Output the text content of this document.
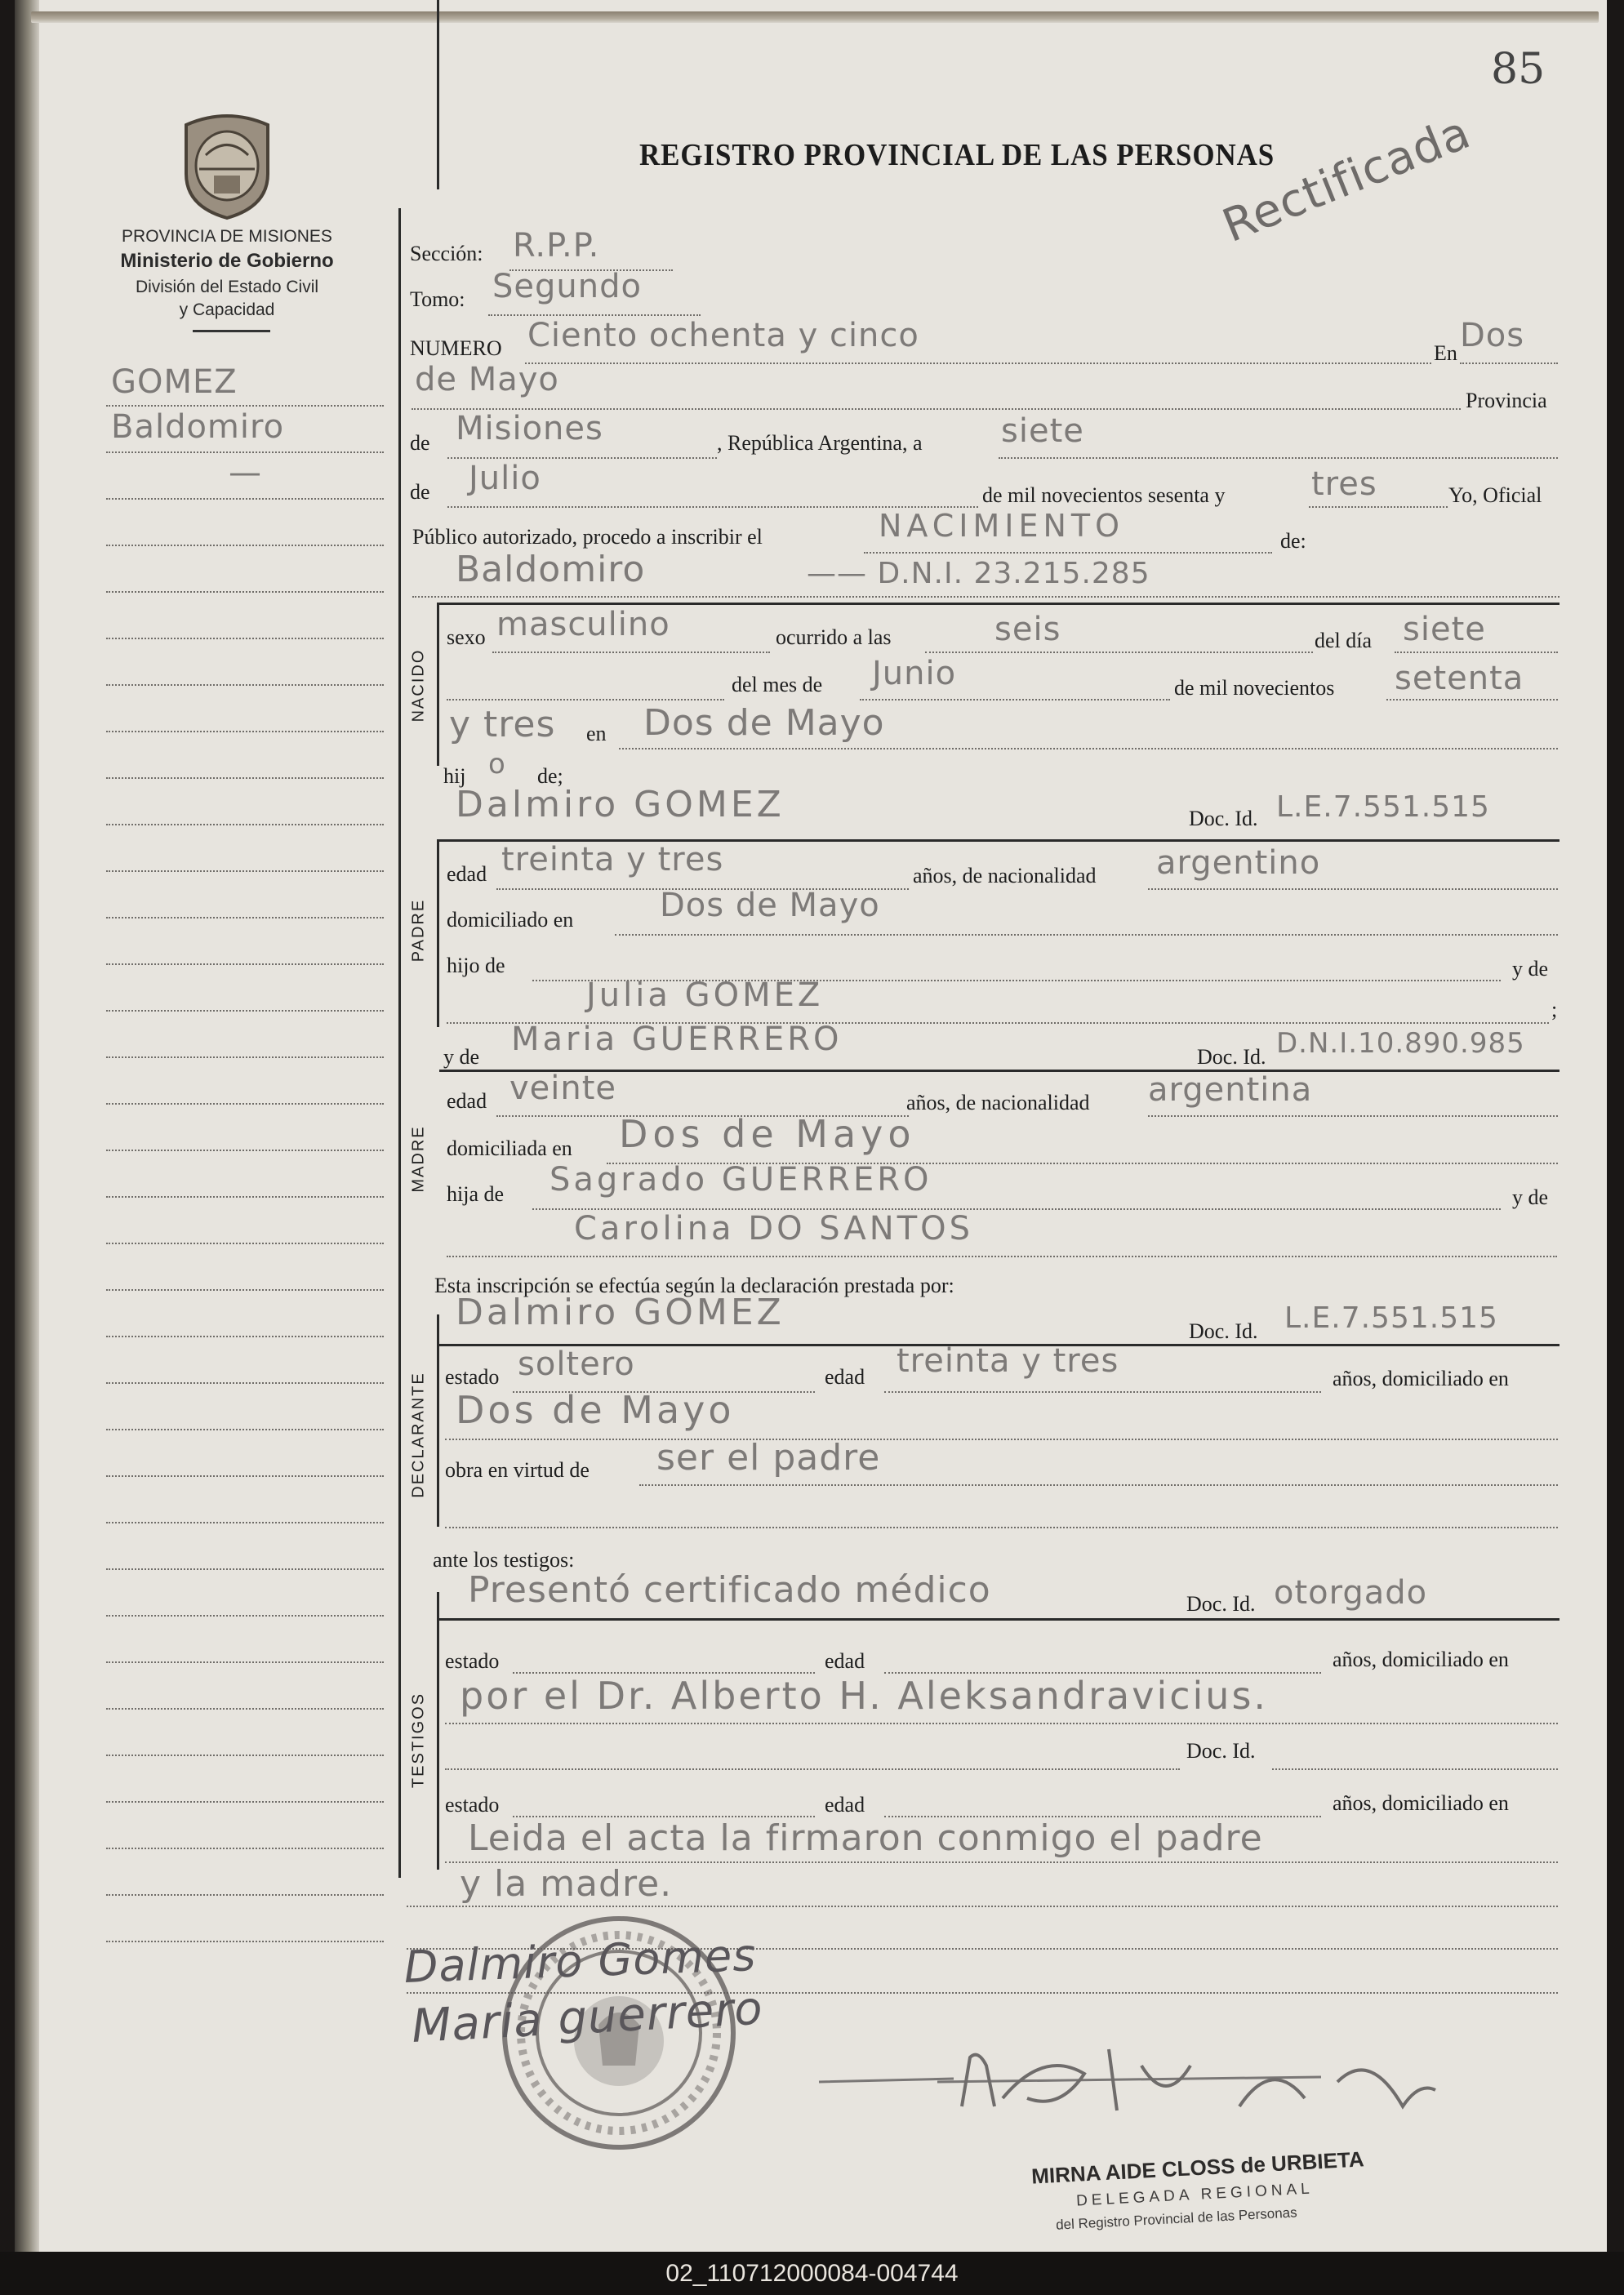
85
PROVINCIA DE MISIONES
Ministerio de Gobierno
División del Estado Civil
y Capacidad
REGISTRO PROVINCIAL DE LAS PERSONAS
Rectificada
GOMEZ
Baldomiro
—
Sección: R.P.P.
Tomo: Segundo
NUMERO Ciento ochenta y cinco	En Dos
de Mayo
Provincia
de Misiones	, República Argentina, a siete
de Julio	de mil novecientos sesenta y	tres	Yo, Oficial
Público autorizado, procedo a inscribir el	NACIMIENTO	de:
Baldomiro	—— D.N.I. 23.215.285
NACIDO
sexo masculino	ocurrido a las	seis	del día siete
del mes de Junio	de mil novecientos setenta
y tres en Dos de Mayo
hij o de;
Dalmiro GOMEZ	Doc. Id. L.E.7.551.515
PADRE
edad treinta y tres	años, de nacionalidad argentino
domiciliado en	Dos de Mayo
hijo de	y de
Julia GOMEZ	;
y de Maria GUERRERO	Doc. Id. D.N.I.10.890.985
MADRE
edad veinte	años, de nacionalidad argentina
domiciliada en Dos de Mayo
hija de Sagrado GUERRERO	y de
Carolina DO SANTOS
Esta inscripción se efectúa según la declaración prestada por:
Dalmiro GOMEZ	Doc. Id. L.E.7.551.515
DECLARANTE estado soltero	edad treinta y tres	años, domiciliado en
Dos de Mayo
obra en virtud de ser el padre
ante los testigos:
Presentó certificado médico	Doc. Id. otorgado
TESTIGOS
estado	edad	años, domiciliado en
por el Dr. Alberto H. Aleksandravicius.
Doc. Id.
estado	edad	años, domiciliado en
Leida el acta la firmaron conmigo el padre
y la madre.
Dalmiro Gomes
Maria guerrero
MIRNA AIDE CLOSS de URBIETA
DELEGADA REGIONAL
del Registro Provincial de las Personas
02_110712000084-004744
